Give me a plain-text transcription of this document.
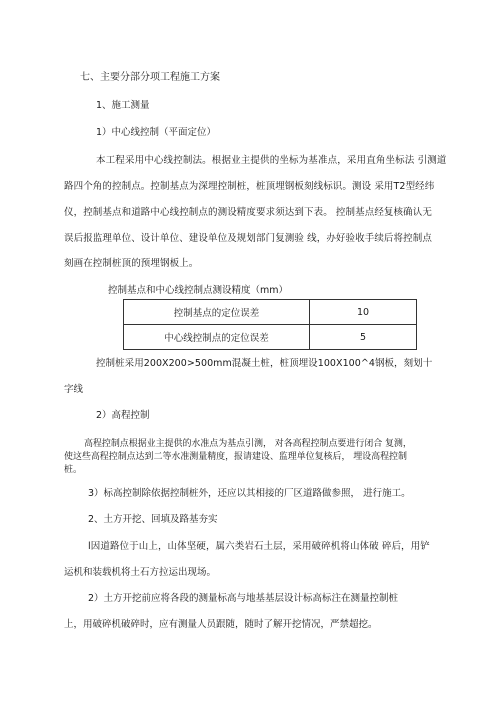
七、主要分部分项工程施工方案
1、施工测量
1）中心线控制（平面定位）
本工程采用中心线控制法。根据业主提供的坐标为基准点，采用直角坐标法 引测道
路四个角的控制点。控制基点为深埋控制桩，桩顶埋钢板刻线标识。测设 采用T2型经纬
仪，控制基点和道路中心线控制点的测设精度要求须达到下表。 控制基点经复核确认无
误后报监理单位、设计单位、建设单位及规划部门复测验 线，办好验收手续后将控制点
刻画在控制桩顶的预埋钢板上。
控制基点和中心线控制点测设精度（mm）
控制基点的定位误差	10
中心线控制点的定位误差	5
控制桩采用200X200>500mm混凝土桩，桩顶埋设100X100^4钢板，刻划十
字线
2）高程控制
高程控制点根据业主提供的水准点为基点引测， 对各高程控制点要进行闭合 复测，
使这些高程控制点达到二等水准测量精度，报请建设、监理单位复核后， 埋设高程控制
桩。
3）标高控制除依据控制桩外，还应以其相接的厂区道路做参照， 进行施工。
2、土方开挖、回填及路基夯实
l因道路位于山上，山体坚硬，属六类岩石土层，采用破碎机将山体破 碎后，用铲
运机和装载机将土石方拉运出现场。
2）土方开挖前应将各段的测量标高与地基基层设计标高标注在测量控制桩
上，用破碎机破碎时，应有测量人员跟随，随时了解开挖情况，严禁超挖。
